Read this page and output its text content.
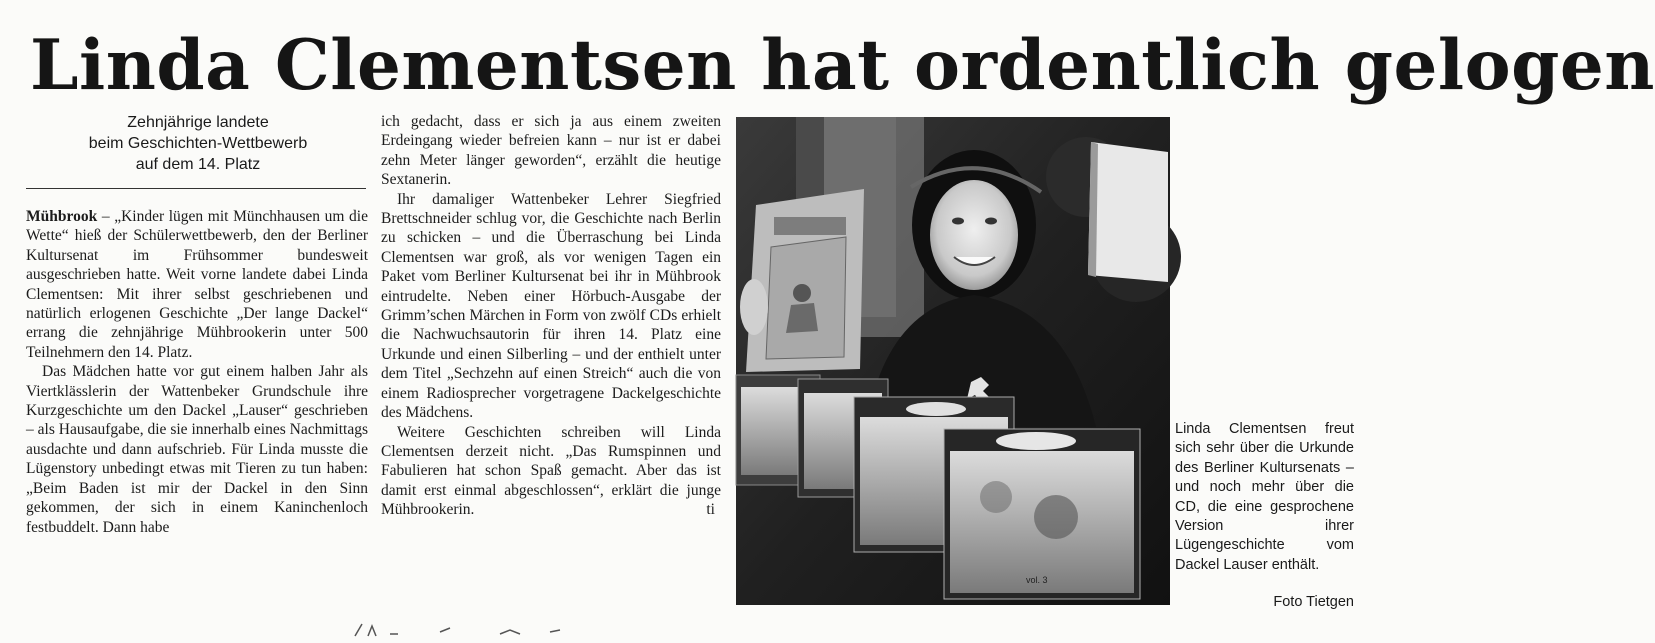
Linda Clementsen hat ordentlich gelogen
Zehnjährige landete
beim Geschichten-Wettbewerb
auf dem 14. Platz

Mühbrook – „Kinder lügen mit Münchhausen um die Wette“ hieß der Schülerwettbewerb, den der Berliner Kultursenat im Frühsommer bundesweit ausgeschrieben hatte. Weit vorne landete dabei Linda Clementsen: Mit ihrer selbst geschriebenen und natürlich erlogenen Geschichte „Der lange Dackel“ errang die zehnjährige Mühbrookerin unter 500 Teilnehmern den 14. Platz.

Das Mädchen hatte vor gut einem halben Jahr als Viertklässlerin der Wattenbeker Grundschule ihre Kurzgeschichte um den Dackel „Lauser“ geschrieben – als Hausaufgabe, die sie innerhalb eines Nachmittags ausdachte und dann aufschrieb. Für Linda musste die Lügenstory unbedingt etwas mit Tieren zu tun haben: „Beim Baden ist mir der Dackel in den Sinn gekommen, der sich in einem Kaninchenloch festbuddelt. Dann habe

ich gedacht, dass er sich ja aus einem zweiten Erdeingang wieder befreien kann – nur ist er dabei zehn Meter länger geworden“, erzählt die heutige Sextanerin.

Ihr damaliger Wattenbeker Lehrer Siegfried Brettschneider schlug vor, die Geschichte nach Berlin zu schicken – und die Überraschung bei Linda Clementsen war groß, als vor wenigen Tagen ein Paket vom Berliner Kultursenat bei ihr in Mühbrook eintrudelte. Neben einer Hörbuch-Ausgabe der Grimm’schen Märchen in Form von zwölf CDs erhielt die Nachwuchsautorin für ihren 14. Platz eine Urkunde und einen Silberling – und der enthielt unter dem Titel „Sechzehn auf einen Streich“ auch die von einem Radiosprecher vorgetragene Dackelgeschichte des Mädchens.

Weitere Geschichten schreiben will Linda Clementsen derzeit nicht. „Das Rumspinnen und Fabulieren hat schon Spaß gemacht. Aber das ist damit erst einmal abgeschlossen“, erklärt die junge Mühbrookerin.	ti

vol. 3
Linda Clementsen freut sich sehr über die Urkunde des Berliner Kultursenats – und noch mehr über die CD, die eine gesprochene Version ihrer Lügengeschichte vom Dackel Lauser enthält.
Foto Tietgen
